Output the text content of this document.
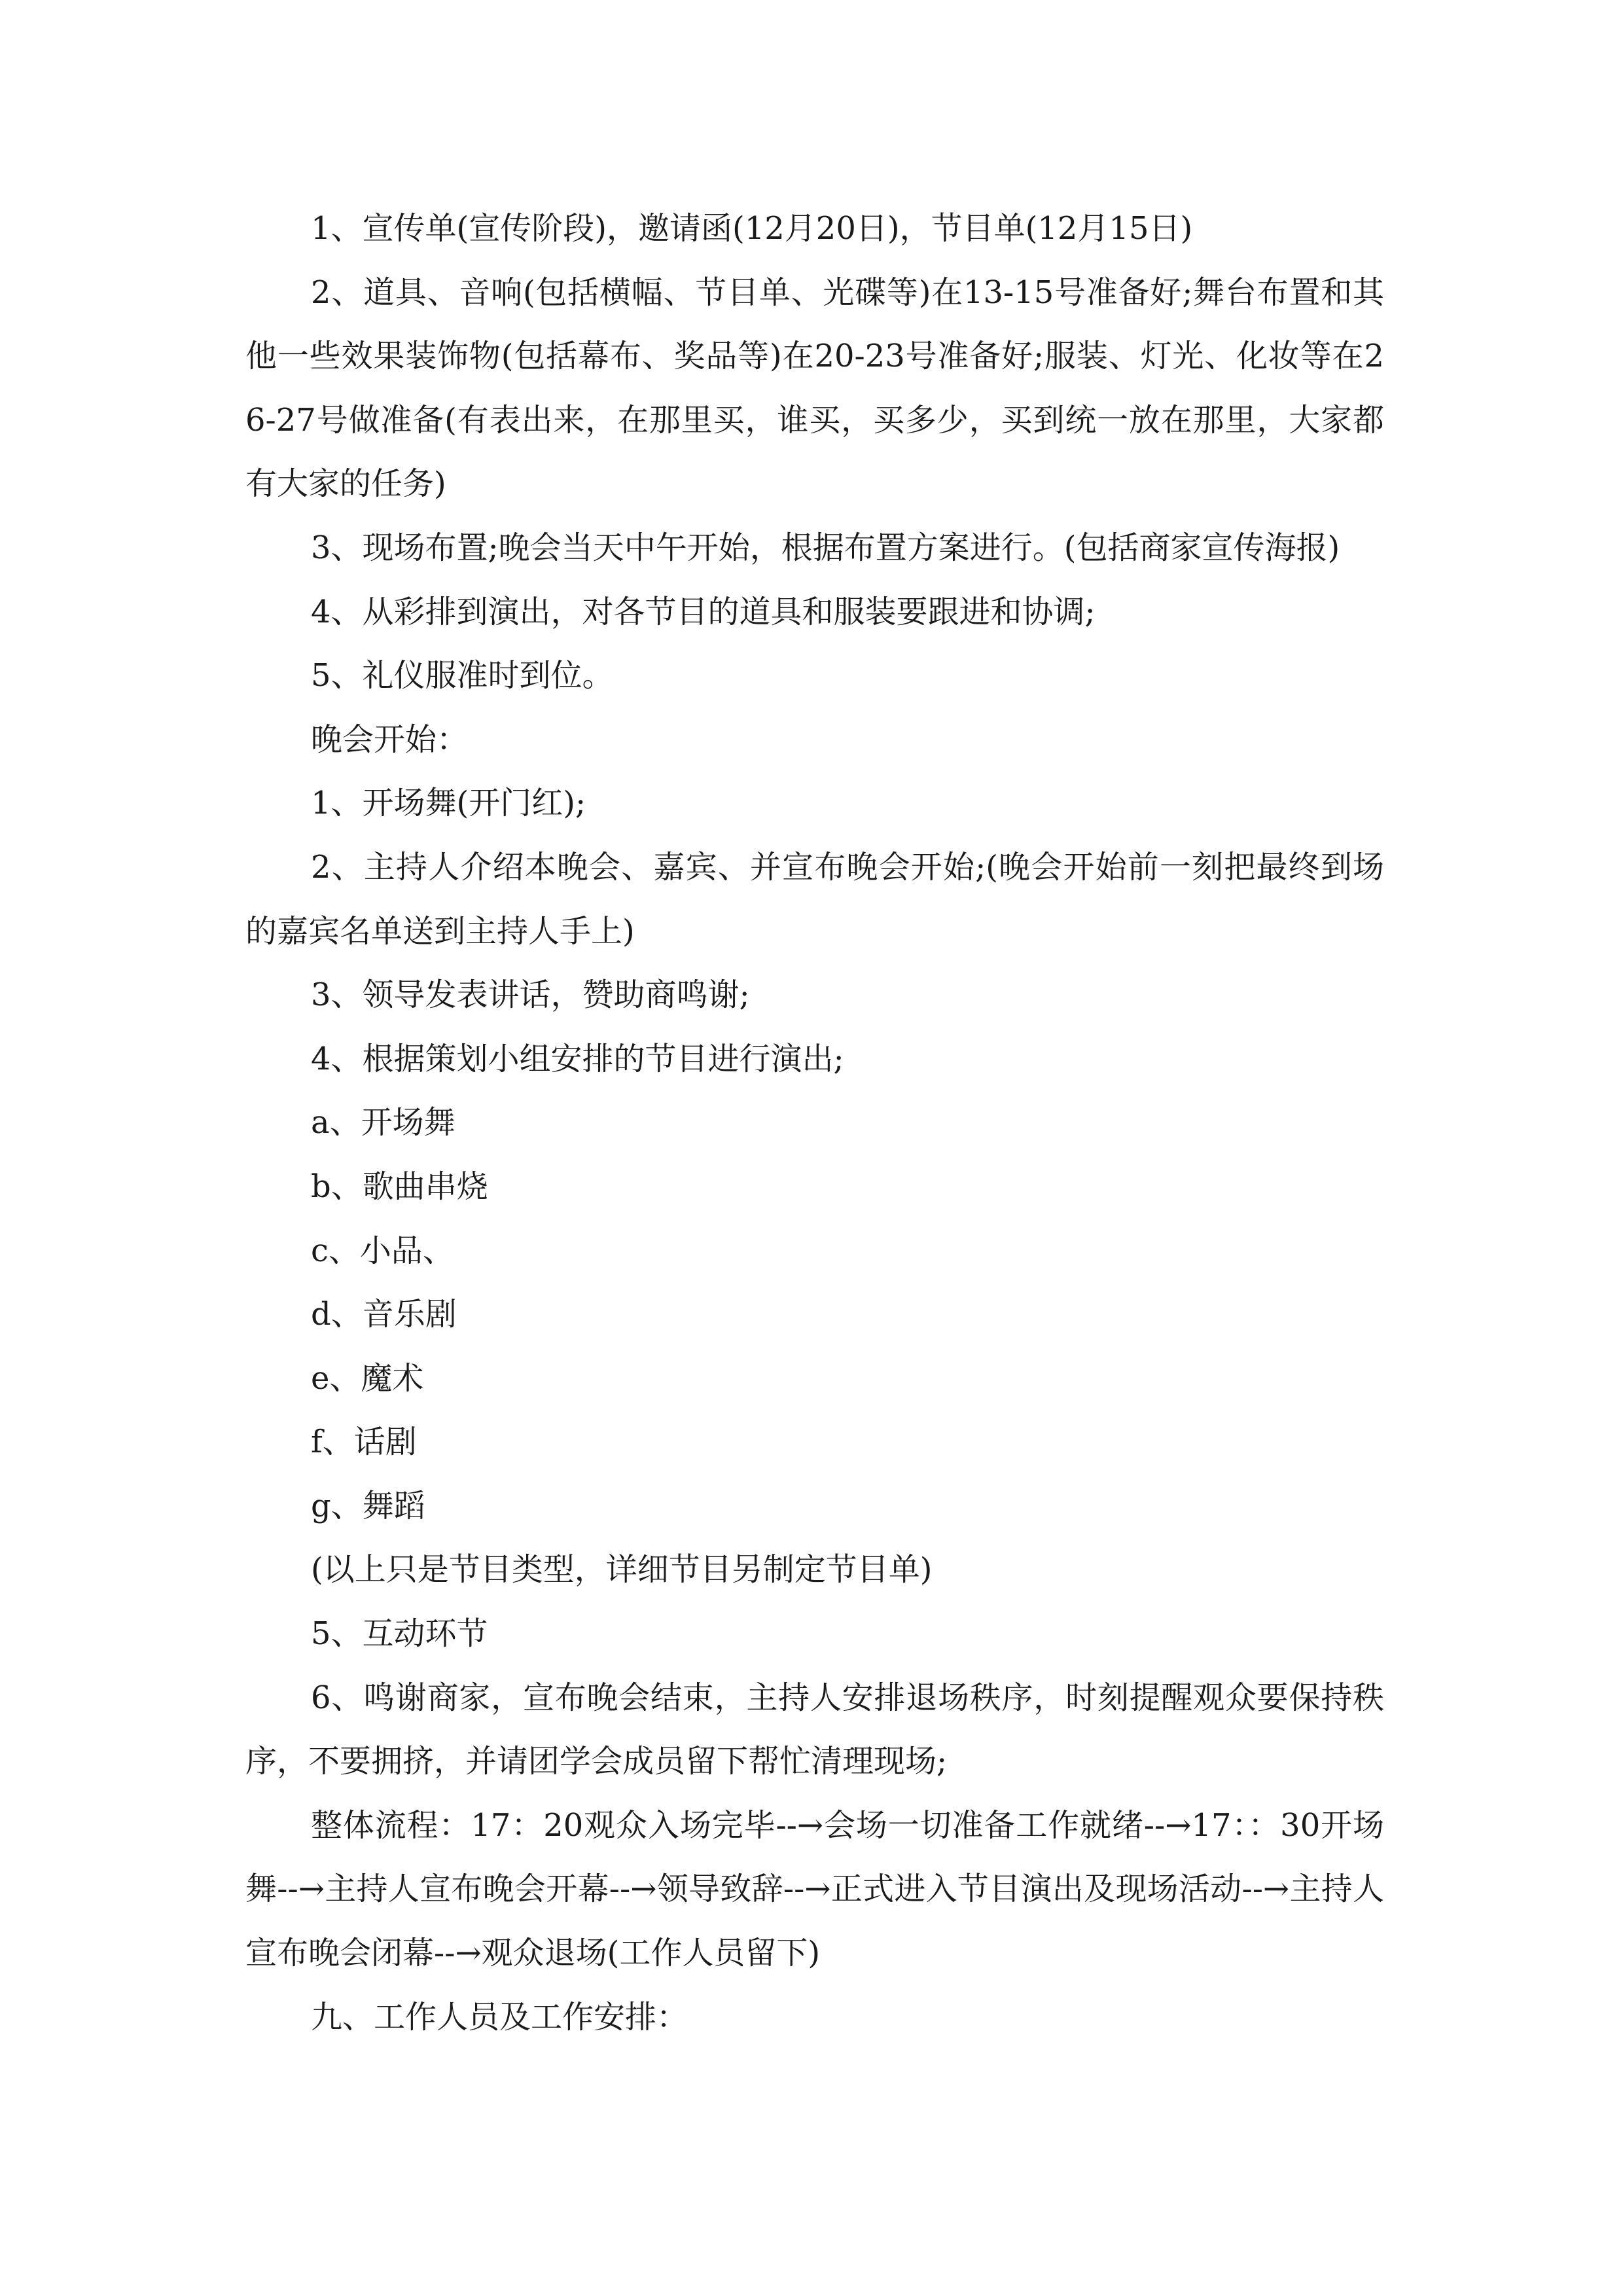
1、宣传单(宣传阶段)，邀请函(12月20日)，节目单(12月15日)

2、道具、音响(包括横幅、节目单、光碟等)在13-15号准备好;舞台布置和其他一些效果装饰物(包括幕布、奖品等)在20-23号准备好;服装、灯光、化妆等在26-27号做准备(有表出来，在那里买，谁买，买多少，买到统一放在那里，大家都有大家的任务)

3、现场布置;晚会当天中午开始，根据布置方案进行。(包括商家宣传海报)

4、从彩排到演出，对各节目的道具和服装要跟进和协调;

5、礼仪服准时到位。

晚会开始：

1、开场舞(开门红);

2、主持人介绍本晚会、嘉宾、并宣布晚会开始;(晚会开始前一刻把最终到场的嘉宾名单送到主持人手上)

3、领导发表讲话，赞助商鸣谢;

4、根据策划小组安排的节目进行演出;

a、开场舞

b、歌曲串烧

c、小品、

d、音乐剧

e、魔术

f、话剧

g、舞蹈

(以上只是节目类型，详细节目另制定节目单)

5、互动环节

6、鸣谢商家，宣布晚会结束，主持人安排退场秩序，时刻提醒观众要保持秩序，不要拥挤，并请团学会成员留下帮忙清理现场;

整体流程：17：20观众入场完毕--→会场一切准备工作就绪--→17：：30开场舞--→主持人宣布晚会开幕--→领导致辞--→正式进入节目演出及现场活动--→主持人宣布晚会闭幕--→观众退场(工作人员留下)

九、工作人员及工作安排：
